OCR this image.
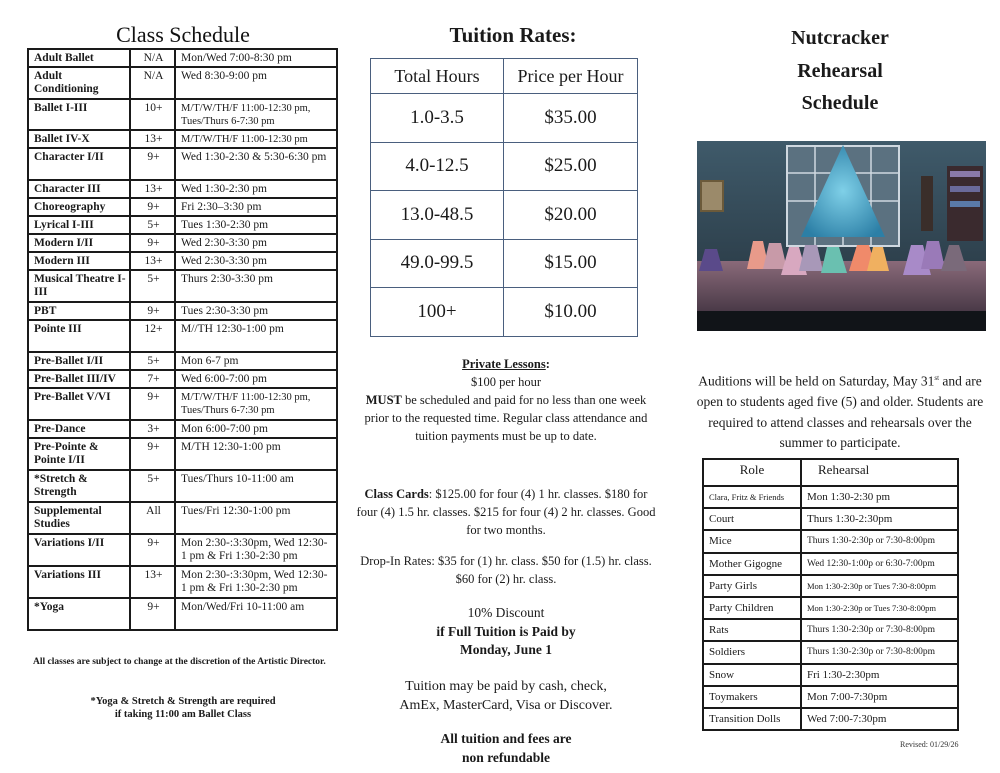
Class Schedule
Adult Ballet	N/A	Mon/Wed 7:00-8:30 pm
Adult Conditioning	N/A	Wed 8:30-9:00 pm
Ballet I-III	10+	M/T/W/TH/F 11:00-12:30 pm, Tues/Thurs 6-7:30 pm
Ballet IV-X	13+	M/T/W/TH/F 11:00-12:30 pm
Character I/II	9+	Wed 1:30-2:30 & 5:30-6:30 pm
Character III	13+	Wed 1:30-2:30 pm
Choreography	9+	Fri 2:30–3:30 pm
Lyrical I-III	5+	Tues 1:30-2:30 pm
Modern I/II	9+	Wed 2:30-3:30 pm
Modern III	13+	Wed 2:30-3:30 pm
Musical Theatre I-III	5+	Thurs 2:30-3:30 pm
PBT	9+	Tues 2:30-3:30 pm
Pointe III	12+	M//TH 12:30-1:00 pm
Pre-Ballet I/II	5+	Mon 6-7 pm
Pre-Ballet III/IV	7+	Wed 6:00-7:00 pm
Pre-Ballet V/VI	9+	M/T/W/TH/F 11:00-12:30 pm, Tues/Thurs 6-7:30 pm
Pre-Dance	3+	Mon 6:00-7:00 pm
Pre-Pointe & Pointe I/II	9+	M/TH 12:30-1:00 pm
*Stretch & Strength	5+	Tues/Thurs 10-11:00 am
Supplemental Studies	All	Tues/Fri 12:30-1:00 pm
Variations I/II	9+	Mon 2:30-:3:30pm, Wed 12:30-1 pm & Fri 1:30-2:30 pm
Variations III	13+	Mon 2:30-:3:30pm, Wed 12:30-1 pm & Fri 1:30-2:30 pm
*Yoga	9+	Mon/Wed/Fri 10-11:00 am

All classes are subject to change at the discretion of the Artistic Director.

*Yoga & Stretch & Strength are required
if taking 11:00 am Ballet Class
Tuition Rates:
Total Hours	Price per Hour
1.0-3.5	$35.00
4.0-12.5	$25.00
13.0-48.5	$20.00
49.0-99.5	$15.00
100+	$10.00
Private Lessons:
$100 per hour
MUST be scheduled and paid for no less than one week prior to the requested time. Regular class attendance and tuition payments must be up to date.
Class Cards: $125.00 for four (4) 1 hr. classes. $180 for four (4) 1.5 hr. classes. $215 for four (4) 2 hr. classes. Good for two months.
Drop-In Rates: $35 for (1) hr. class. $50 for (1.5) hr. class. $60 for (2) hr. class.
10% Discount
if Full Tuition is Paid by
Monday, June 1
Tuition may be paid by cash, check,
AmEx, MasterCard, Visa or Discover.
All tuition and fees are
non refundable
Nutcracker
Rehearsal
Schedule

Auditions will be held on Saturday, May 31st and are open to students aged five (5) and older. Students are required to attend classes and rehearsals over the summer to participate.

Role	Rehearsal
Clara, Fritz & Friends	Mon 1:30-2:30 pm
Court	Thurs 1:30-2:30pm
Mice	Thurs 1:30-2:30p or 7:30-8:00pm
Mother Gigogne	Wed 12:30-1:00p or 6:30-7:00pm
Party Girls	Mon 1:30-2:30p or Tues 7:30-8:00pm
Party Children	Mon 1:30-2:30p or Tues 7:30-8:00pm
Rats	Thurs 1:30-2:30p or 7:30-8:00pm
Soldiers	Thurs 1:30-2:30p or 7:30-8:00pm
Snow	Fri 1:30-2:30pm
Toymakers	Mon 7:00-7:30pm
Transition Dolls	Wed 7:00-7:30pm
Revised: 01/29/26
